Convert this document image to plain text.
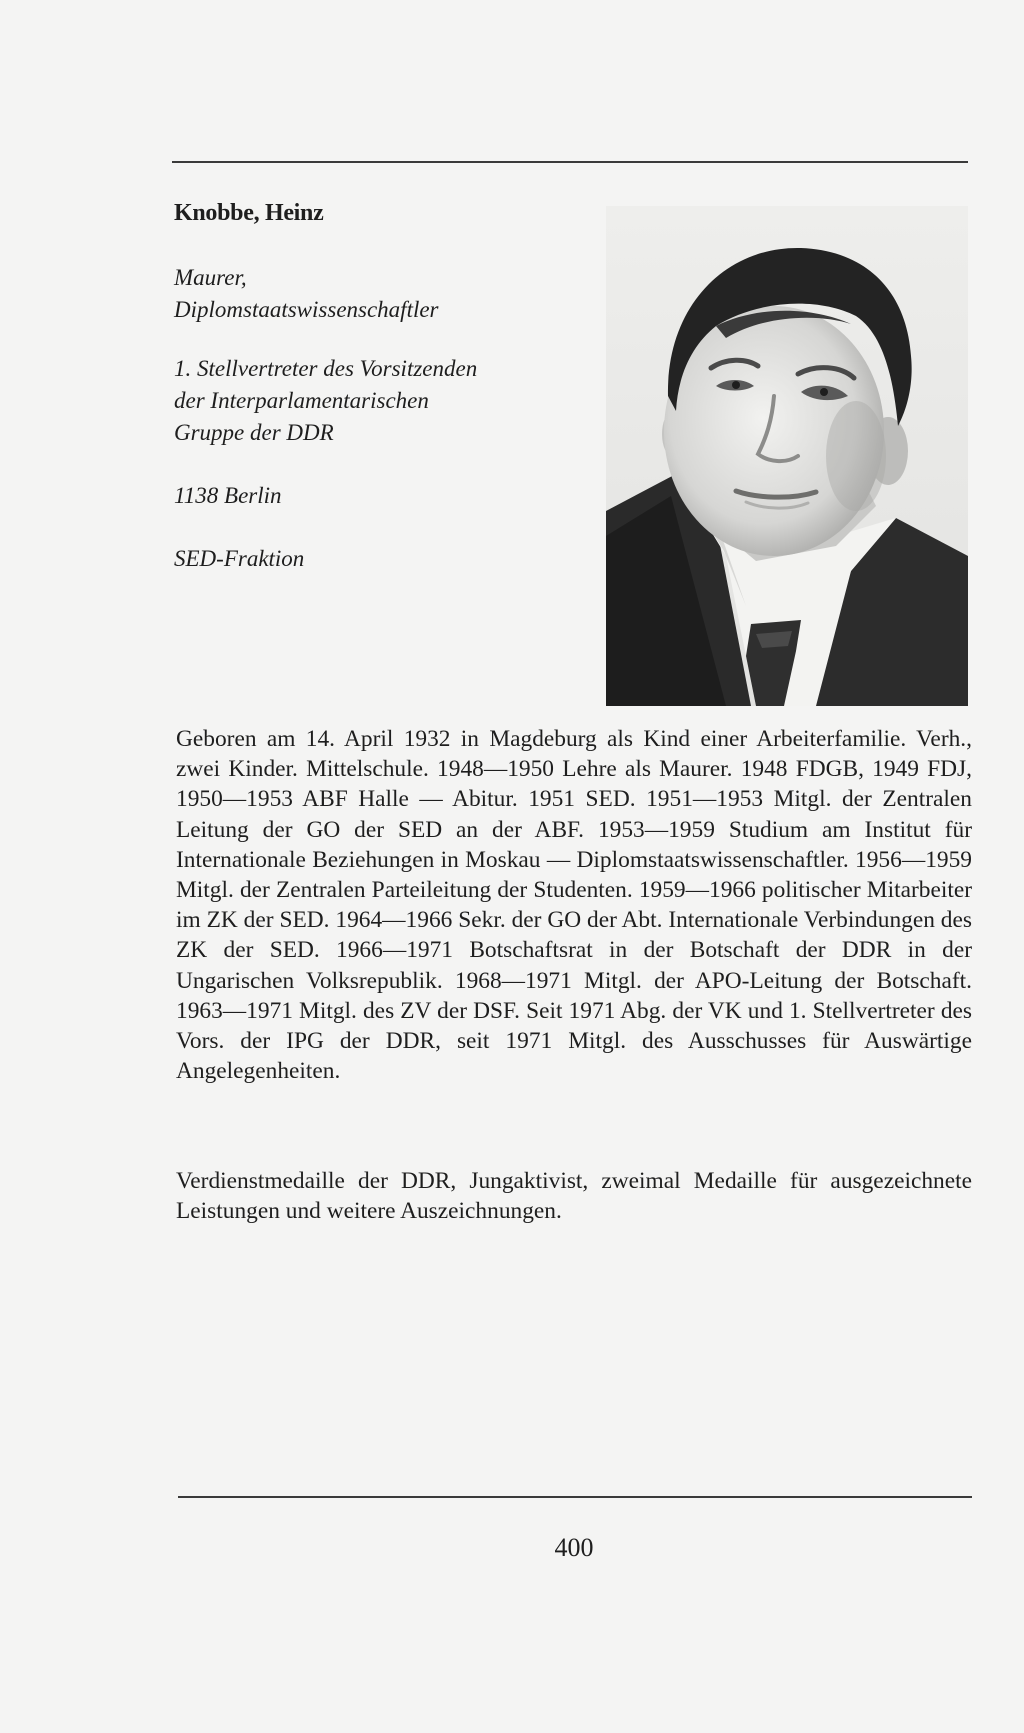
Knobbe, Heinz
Maurer,
Diplomstaatswissenschaftler
1. Stellvertreter des Vorsitzenden
der Interparlamentarischen
Gruppe der DDR
1138 Berlin
SED-Fraktion

Geboren am 14. April 1932 in Magdeburg als Kind einer Arbeiterfamilie. Verh., zwei Kinder. Mittelschule. 1948—1950 Lehre als Maurer. 1948 FDGB, 1949 FDJ, 1950—1953 ABF Halle — Abitur. 1951 SED. 1951—1953 Mitgl. der Zentralen Leitung der GO der SED an der ABF. 1953—1959 Studium am Institut für Internationale Beziehungen in Moskau — Diplomstaatswissenschaftler. 1956—1959 Mitgl. der Zentralen Parteileitung der Studenten. 1959—1966 politischer Mitarbeiter im ZK der SED. 1964—1966 Sekr. der GO der Abt. Internationale Verbindungen des ZK der SED. 1966—1971 Botschaftsrat in der Botschaft der DDR in der Ungarischen Volksrepublik. 1968—1971 Mitgl. der APO-Leitung der Botschaft. 1963—1971 Mitgl. des ZV der DSF. Seit 1971 Abg. der VK und 1. Stellvertreter des Vors. der IPG der DDR, seit 1971 Mitgl. des Ausschusses für Auswärtige Angelegenheiten.

Verdienstmedaille der DDR, Jungaktivist, zweimal Medaille für ausgezeichnete Leistungen und weitere Auszeichnungen.

400
